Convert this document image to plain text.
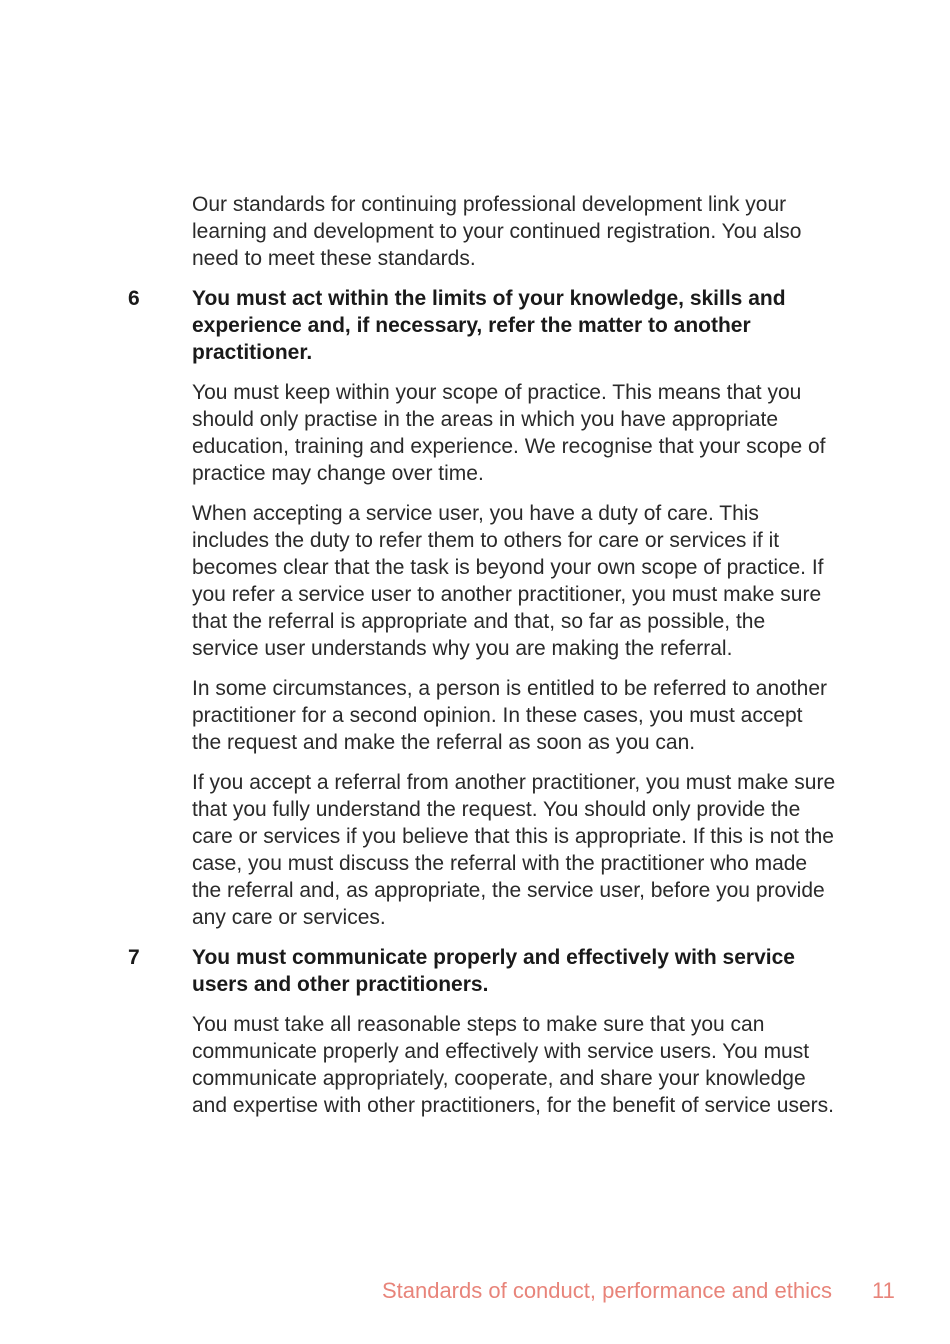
Our standards for continuing professional development link your learning and development to your continued registration. You also need to meet these standards.

6 You must act within the limits of your knowledge, skills and experience and, if necessary, refer the matter to another practitioner.

You must keep within your scope of practice. This means that you should only practise in the areas in which you have appropriate education, training and experience. We recognise that your scope of practice may change over time.

When accepting a service user, you have a duty of care. This includes the duty to refer them to others for care or services if it becomes clear that the task is beyond your own scope of practice. If you refer a service user to another practitioner, you must make sure that the referral is appropriate and that, so far as possible, the service user understands why you are making the referral.

In some circumstances, a person is entitled to be referred to another practitioner for a second opinion. In these cases, you must accept the request and make the referral as soon as you can.

If you accept a referral from another practitioner, you must make sure that you fully understand the request. You should only provide the care or services if you believe that this is appropriate. If this is not the case, you must discuss the referral with the practitioner who made the referral and, as appropriate, the service user, before you provide any care or services.

7 You must communicate properly and effectively with service users and other practitioners.

You must take all reasonable steps to make sure that you can communicate properly and effectively with service users. You must communicate appropriately, cooperate, and share your knowledge and expertise with other practitioners, for the benefit of service users.

Standards of conduct, performance and ethics 11
